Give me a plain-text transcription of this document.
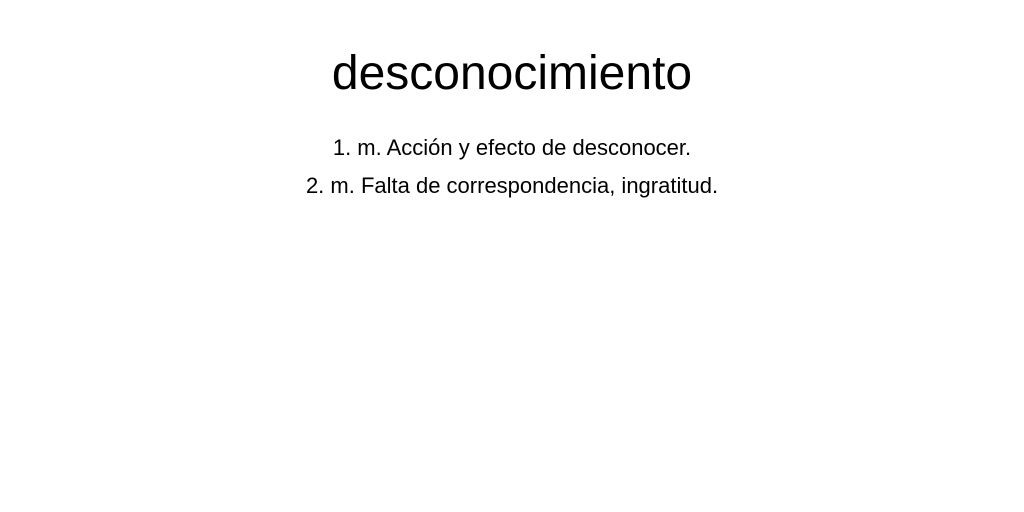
desconocimiento
1. m. Acción y efecto de desconocer.
2. m. Falta de correspondencia, ingratitud.
